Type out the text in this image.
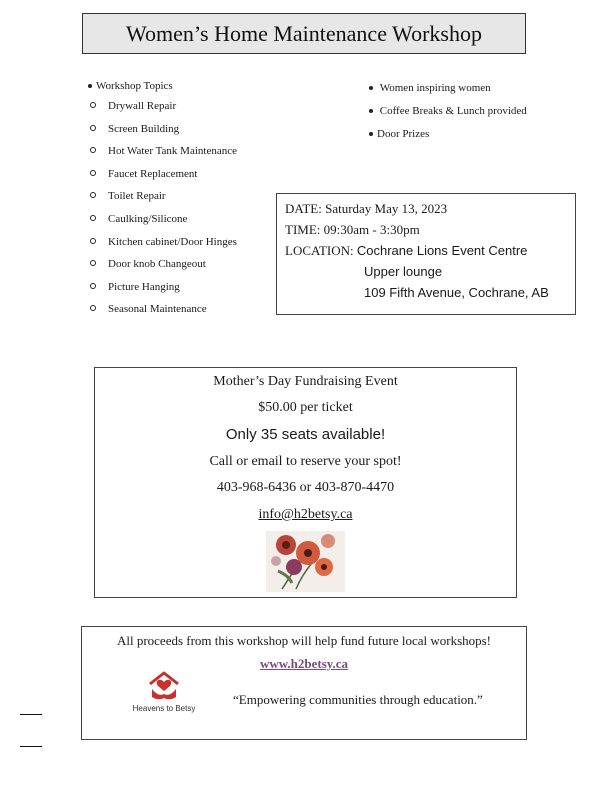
Women’s Home Maintenance Workshop
Workshop Topics
Drywall Repair
Screen Building
Hot Water Tank Maintenance
Faucet Replacement
Toilet Repair
Caulking/Silicone
Kitchen cabinet/Door Hinges
Door knob Changeout
Picture Hanging
Seasonal Maintenance
Women inspiring women
Coffee Breaks & Lunch provided
Door Prizes
DATE: Saturday May 13, 2023
TIME: 09:30am - 3:30pm
LOCATION: Cochrane Lions Event Centre
Upper lounge
109 Fifth Avenue, Cochrane, AB
Mother’s Day Fundraising Event
$50.00 per ticket
Only 35 seats available!
Call or email to reserve your spot!
403-968-6436 or 403-870-4470
info@h2betsy.ca
All proceeds from this workshop will help fund future local workshops!
www.h2betsy.ca
Heavens to Betsy
“Empowering communities through education.”
